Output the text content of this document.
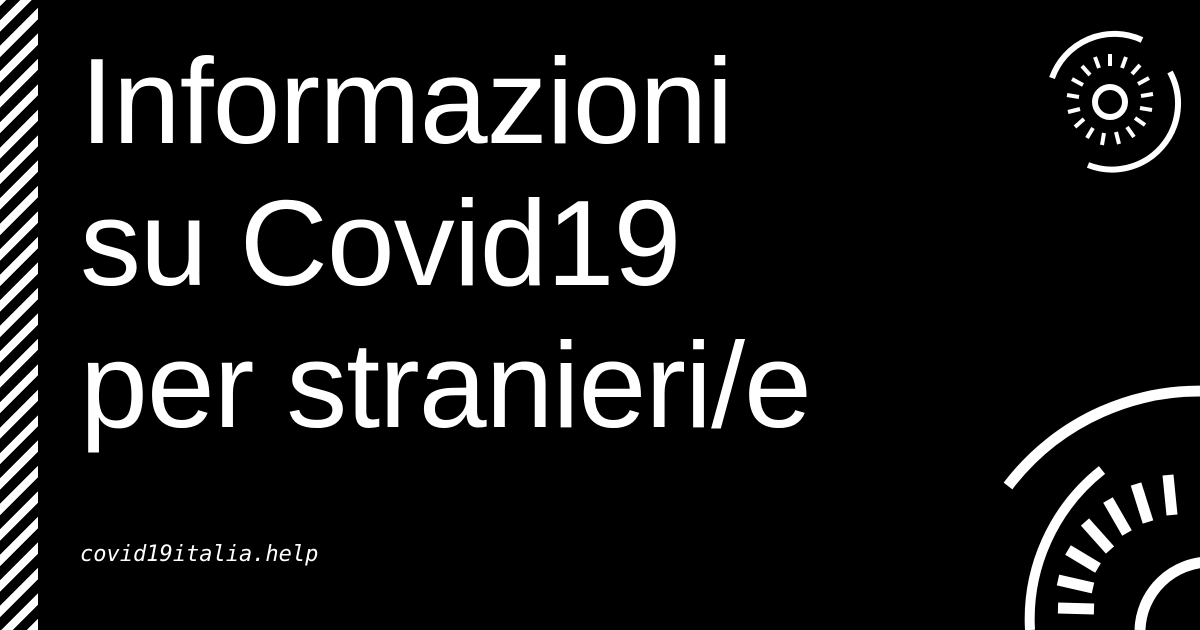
Informazioni
su Covid19
per stranieri/e
covid19italia.help
